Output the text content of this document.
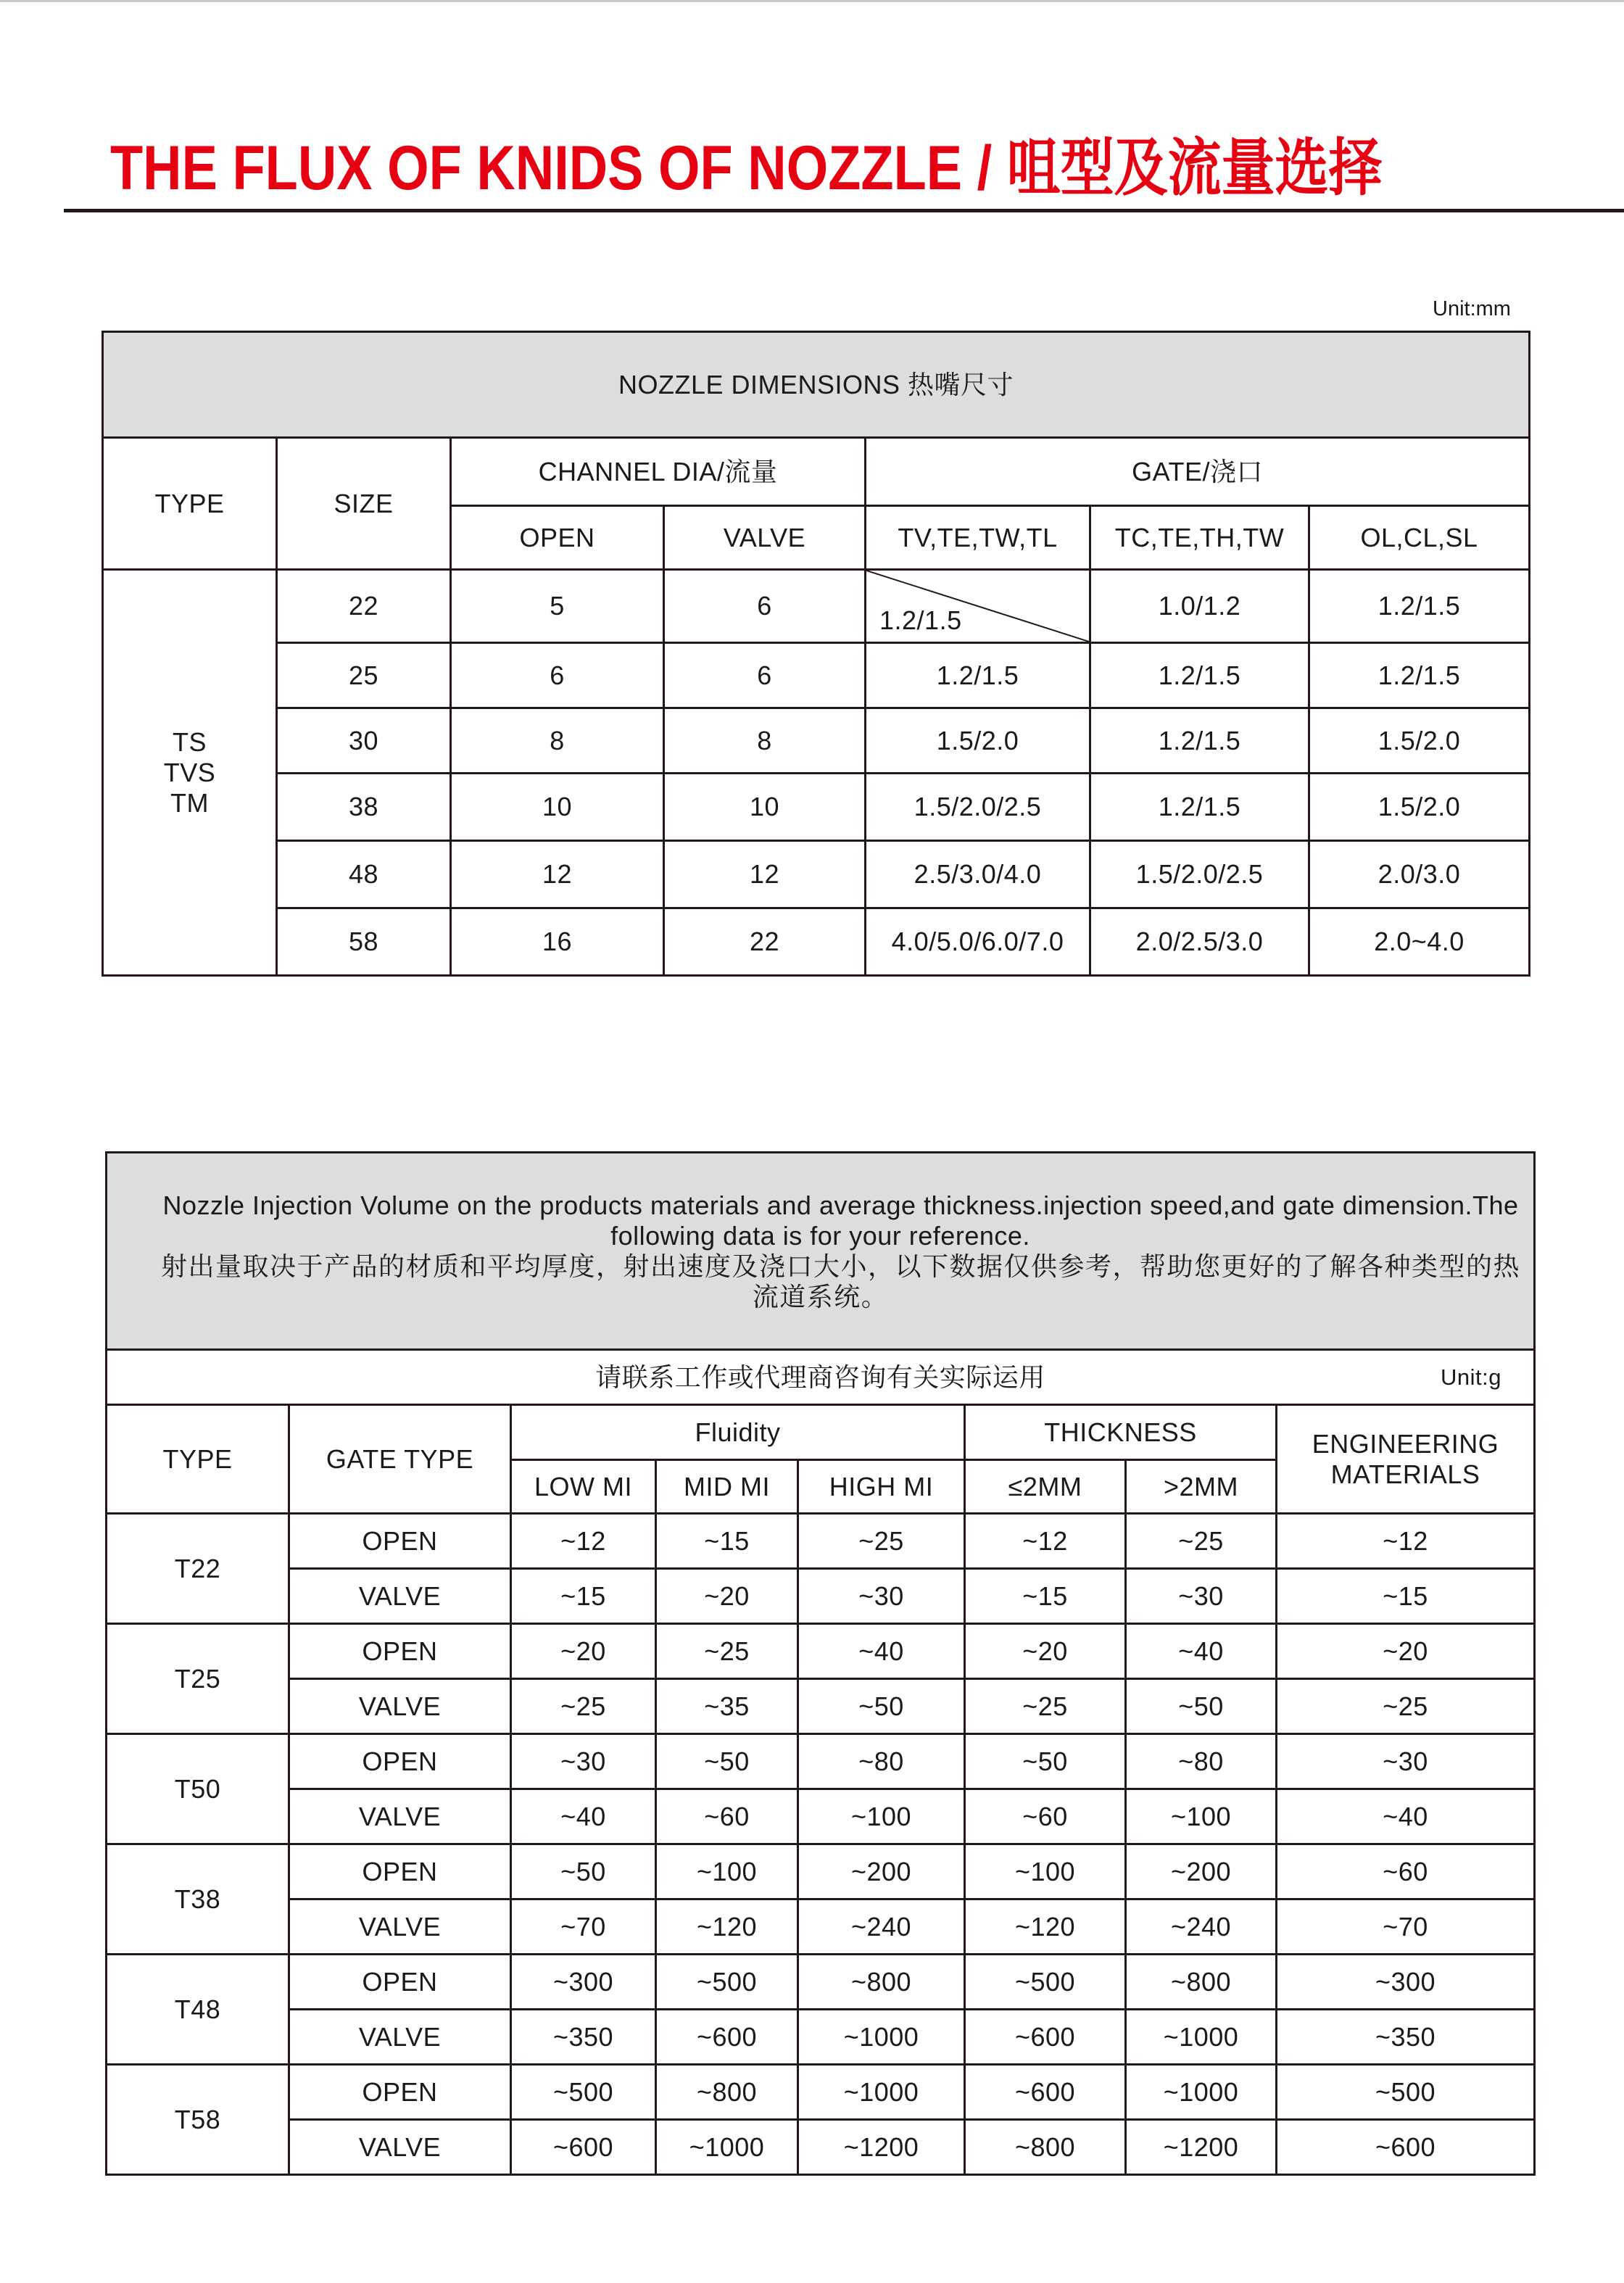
THE FLUX OF KNIDS OF NOZZLE / 咀型及流量选择
Unit:mm
NOZZLE DIMENSIONS 热嘴尺寸						
TYPE	SIZE	CHANNEL DIA/流量		GATE/浇口		
		OPEN	VALVE	TV,TE,TW,TL	TC,TE,TH,TW	OL,CL,SL

TS
TVS
TM	22	5	6	1.2/1.5	1.0/1.2	1.2/1.5
	25	6	6	1.2/1.5	1.2/1.5	1.2/1.5
	30	8	8	1.5/2.0	1.2/1.5	1.5/2.0
	38	10	10	1.5/2.0/2.5	1.2/1.5	1.5/2.0
	48	12	12	2.5/3.0/4.0	1.5/2.0/2.5	2.0/3.0
	58	16	22	4.0/5.0/6.0/7.0	2.0/2.5/3.0	2.0~4.0

Nozzle Injection Volume on the products materials and average thickness.injection speed,and gate dimension.The following data is for your reference.

射出量取决于产品的材质和平均厚度，射出速度及浇口大小，以下数据仅供参考，帮助您更好的了解各种类型的热流道系统。							

请联系工作或代理商咨询有关实际运用 Unit:g							

TYPE	GATE TYPE	Fluidity			THICKNESS		ENGINEERING
MATERIALS

		LOW MI	MID MI	HIGH MI	≤2MM	>2MM	
T22	OPEN	~12	~15	~25	~12	~25	~12
	VALVE	~15	~20	~30	~15	~30	~15
T25	OPEN	~20	~25	~40	~20	~40	~20
	VALVE	~25	~35	~50	~25	~50	~25
T50	OPEN	~30	~50	~80	~50	~80	~30
	VALVE	~40	~60	~100	~60	~100	~40
T38	OPEN	~50	~100	~200	~100	~200	~60
	VALVE	~70	~120	~240	~120	~240	~70
T48	OPEN	~300	~500	~800	~500	~800	~300
	VALVE	~350	~600	~1000	~600	~1000	~350
T58	OPEN	~500	~800	~1000	~600	~1000	~500
	VALVE	~600	~1000	~1200	~800	~1200	~600
